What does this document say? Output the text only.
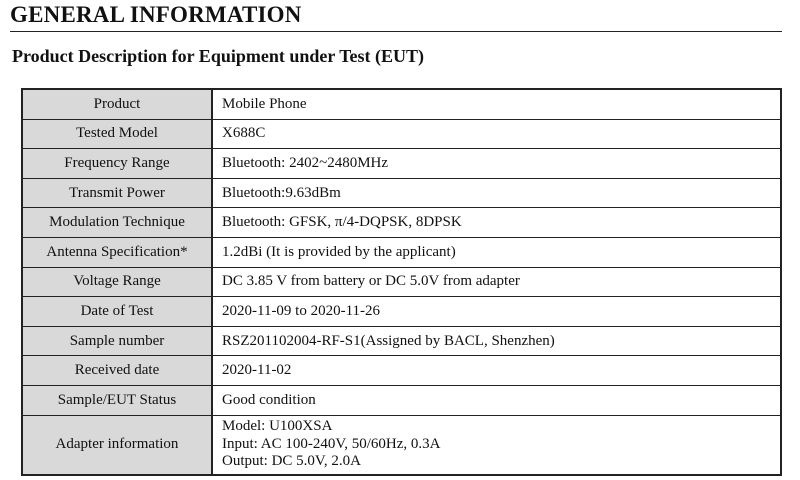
GENERAL INFORMATION
Product Description for Equipment under Test (EUT)
Product	Mobile Phone
Tested Model	X688C
Frequency Range	Bluetooth: 2402~2480MHz
Transmit Power	Bluetooth:9.63dBm
Modulation Technique	Bluetooth: GFSK, π/4-DQPSK, 8DPSK
Antenna Specification*	1.2dBi (It is provided by the applicant)
Voltage Range	DC 3.85 V from battery or DC 5.0V from adapter
Date of Test	2020-11-09 to 2020-11-26
Sample number	RSZ201102004-RF-S1(Assigned by BACL, Shenzhen)
Received date	2020-11-02
Sample/EUT Status	Good condition
Adapter information	Model: U100XSA
Input: AC 100-240V, 50/60Hz, 0.3A
Output: DC 5.0V, 2.0A
